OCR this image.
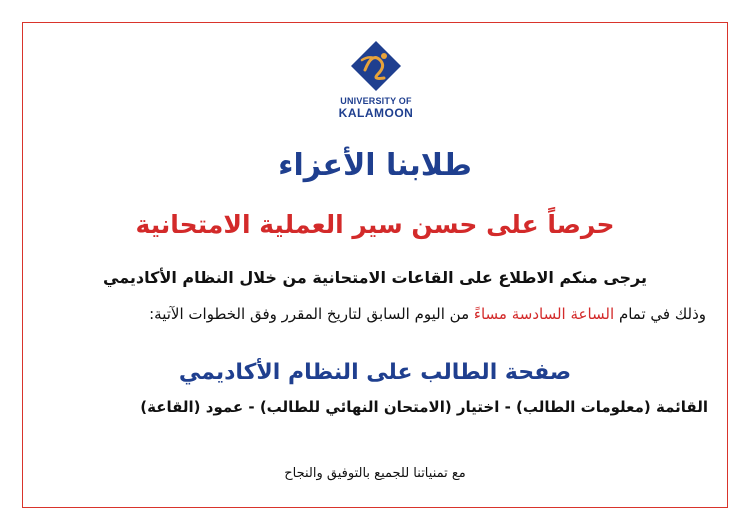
UNIVERSITY OF
KALAMOON
طلابنا الأعزاء
حرصاً على حسن سير العملية الامتحانية
يرجى منكم الاطلاع على القاعات الامتحانية من خلال النظام الأكاديمي
وذلك في تمام الساعة السادسة مساءً من اليوم السابق لتاريخ المقرر وفق الخطوات الآتية:
صفحة الطالب على النظام الأكاديمي
القائمة (معلومات الطالب) - اختيار (الامتحان النهائي للطالب) - عمود (القاعة)
مع تمنياتنا للجميع بالتوفيق والنجاح
